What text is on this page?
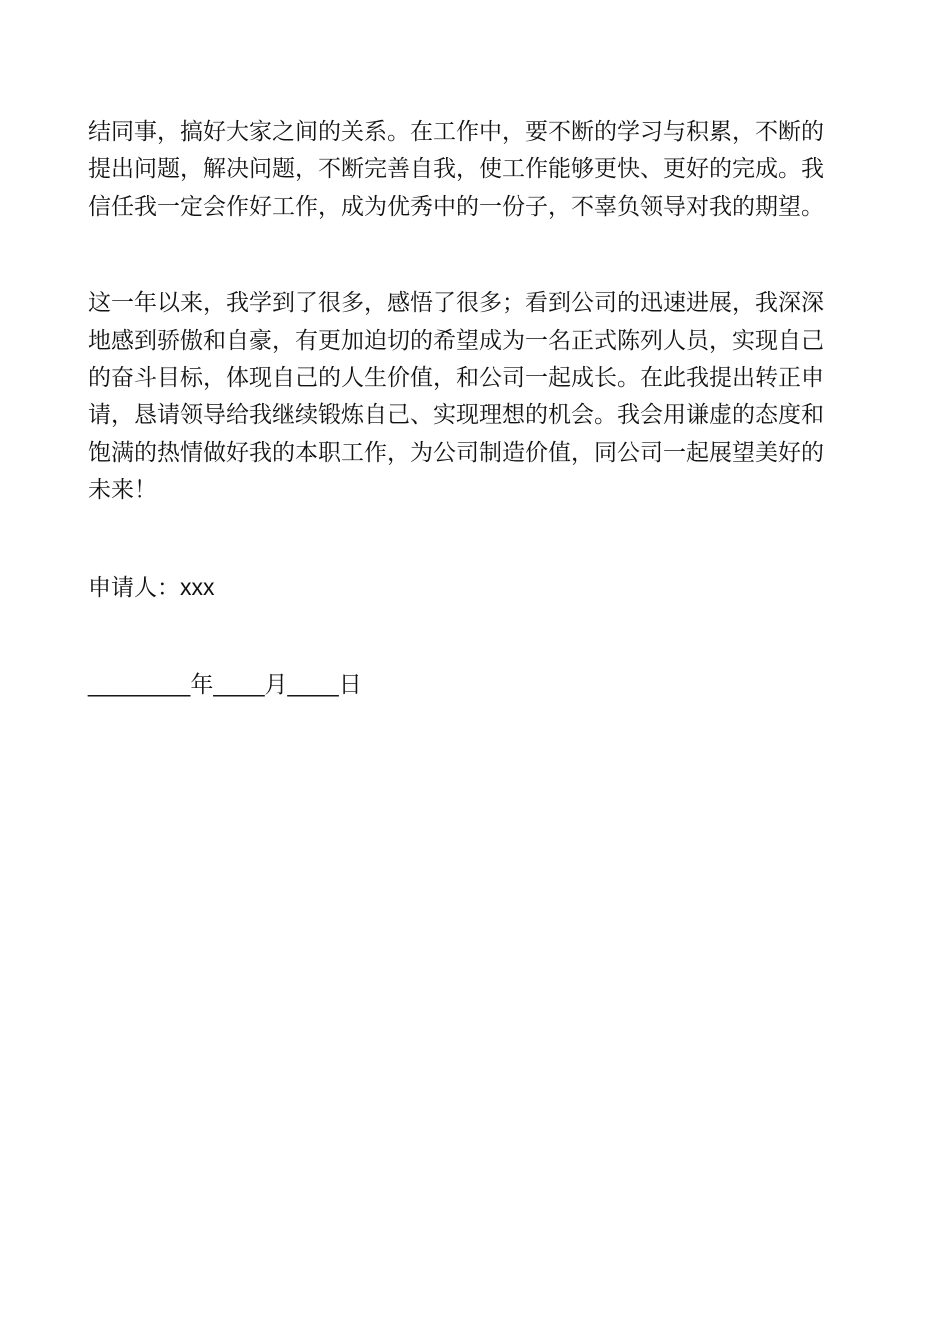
结同事，搞好大家之间的关系。在工作中，要不断的学习与积累，不断的
提出问题，解决问题，不断完善自我，使工作能够更快、更好的完成。我
信任我一定会作好工作，成为优秀中的一份子，不辜负领导对我的期望。

这一年以来，我学到了很多，感悟了很多；看到公司的迅速进展，我深深
地感到骄傲和自豪，有更加迫切的希望成为一名正式陈列人员，实现自己
的奋斗目标，体现自己的人生价值，和公司一起成长。在此我提出转正申
请，恳请领导给我继续锻炼自己、实现理想的机会。我会用谦虚的态度和
饱满的热情做好我的本职工作，为公司制造价值，同公司一起展望美好的
未来！

申请人：xxx

________年____月____日
